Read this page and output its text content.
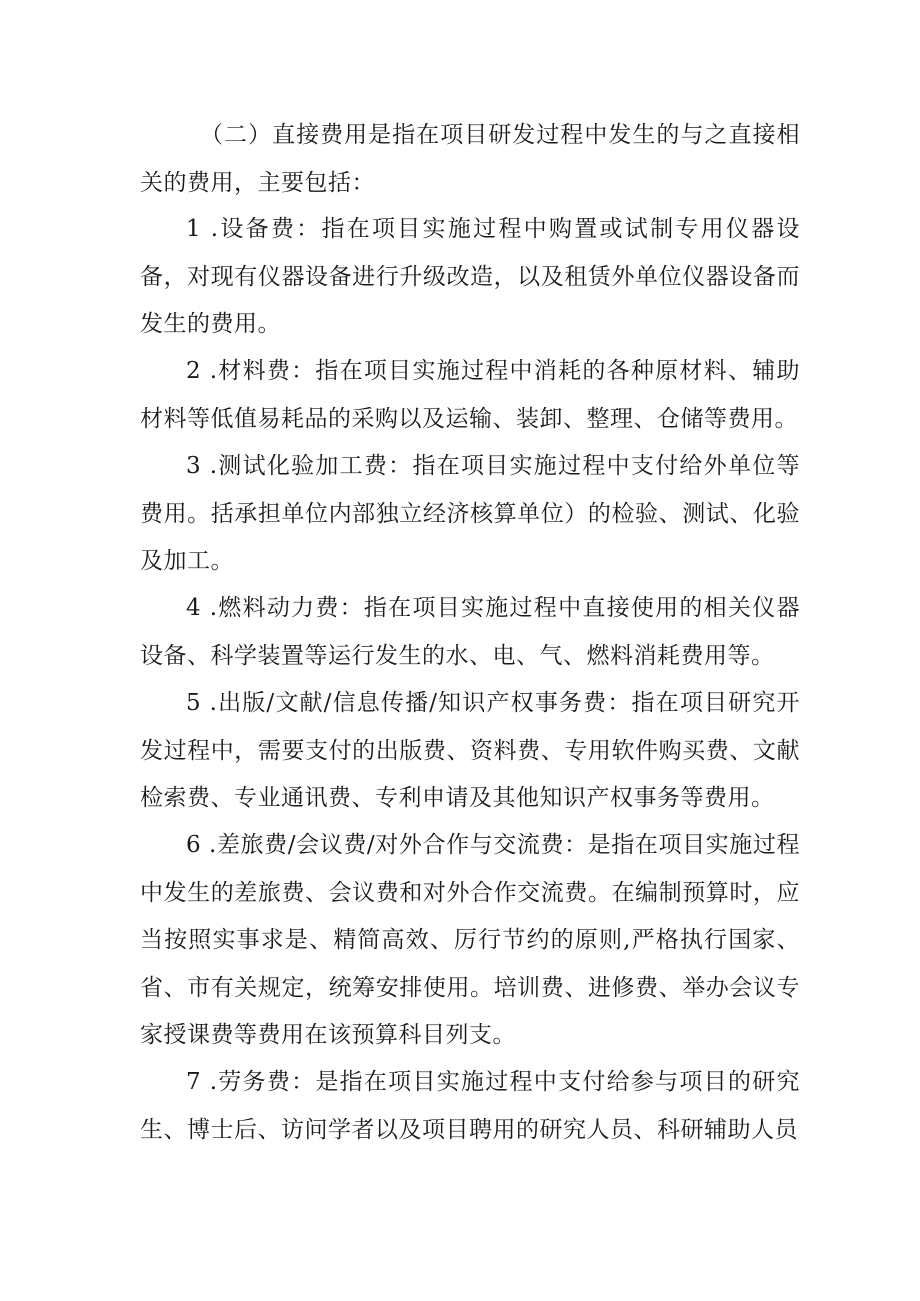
（二）直接费用是指在项目研发过程中发生的与之直接相关的费用，主要包括：

1 .设备费：指在项目实施过程中购置或试制专用仪器设备，对现有仪器设备进行升级改造，以及租赁外单位仪器设备而发生的费用。

2 .材料费：指在项目实施过程中消耗的各种原材料、辅助材料等低值易耗品的采购以及运输、装卸、整理、仓储等费用。

3 .测试化验加工费：指在项目实施过程中支付给外单位等费用。括承担单位内部独立经济核算单位）的检验、测试、化验及加工。

4 .燃料动力费：指在项目实施过程中直接使用的相关仪器设备、科学装置等运行发生的水、电、气、燃料消耗费用等。

5 .出版/文献/信息传播/知识产权事务费：指在项目研究开发过程中，需要支付的出版费、资料费、专用软件购买费、文献检索费、专业通讯费、专利申请及其他知识产权事务等费用。

6 .差旅费/会议费/对外合作与交流费：是指在项目实施过程中发生的差旅费、会议费和对外合作交流费。在编制预算时，应当按照实事求是、精简高效、厉行节约的原则,严格执行国家、省、市有关规定，统筹安排使用。培训费、进修费、举办会议专家授课费等费用在该预算科目列支。

7 .劳务费：是指在项目实施过程中支付给参与项目的研究生、博士后、访问学者以及项目聘用的研究人员、科研辅助人员
